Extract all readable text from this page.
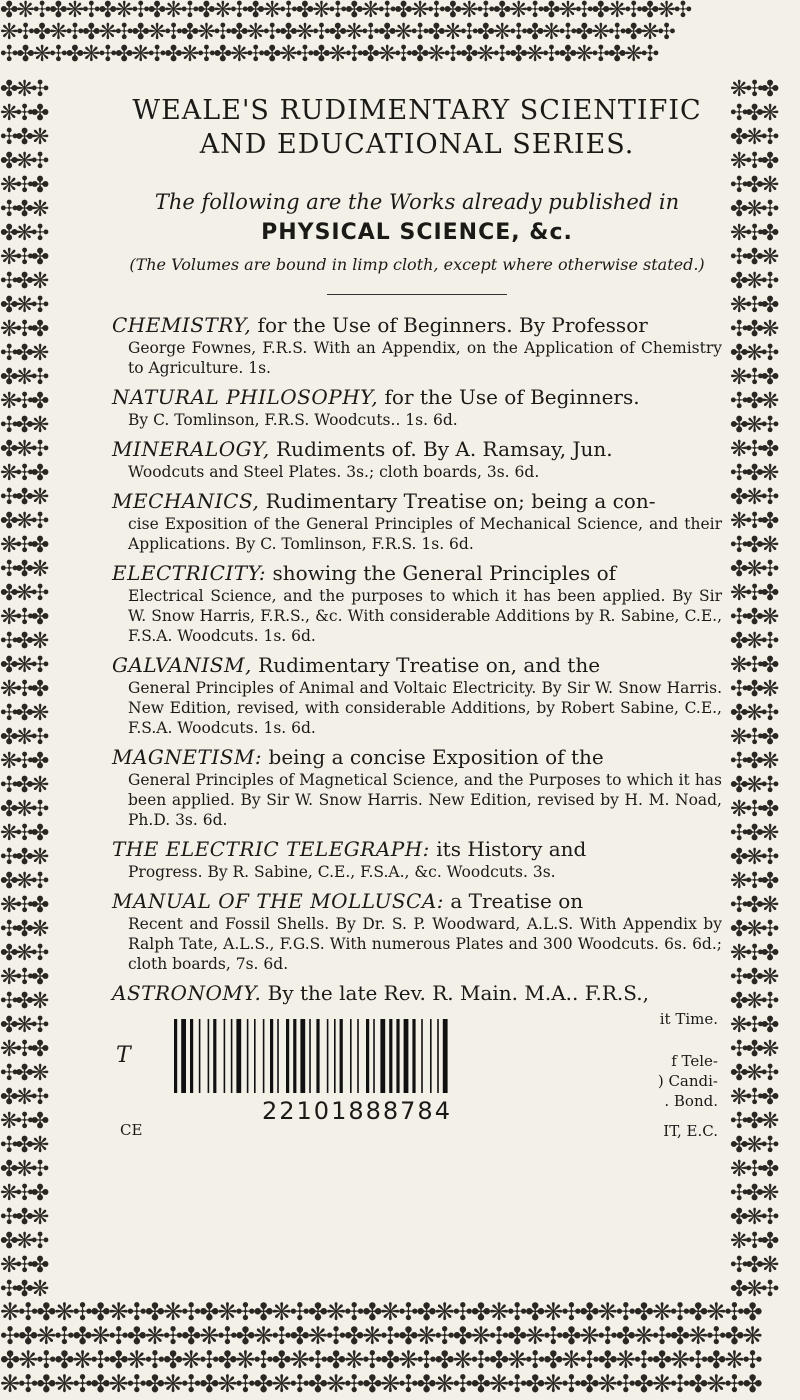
✤❋✣✤❋✣✤❋✣✤❋✣✤❋✣✤❋✣✤❋✣✤❋✣✤❋✣✤❋✣✤❋✣✤❋✣✤❋✣✤❋✣
❋✣✤❋✣✤❋✣✤❋✣✤❋✣✤❋✣✤❋✣✤❋✣✤❋✣✤❋✣✤❋✣✤❋✣✤❋✣✤❋✣
✣✤❋✣✤❋✣✤❋✣✤❋✣✤❋✣✤❋✣✤❋✣✤❋✣✤❋✣✤❋✣✤❋✣✤❋✣✤❋✣
✤❋✣
❋✣✤
✣✤❋
✤❋✣
❋✣✤
✣✤❋
✤❋✣
❋✣✤
✣✤❋
✤❋✣
❋✣✤
✣✤❋
✤❋✣
❋✣✤
✣✤❋
✤❋✣
❋✣✤
✣✤❋
✤❋✣
❋✣✤
✣✤❋
✤❋✣
❋✣✤
✣✤❋
✤❋✣
❋✣✤
✣✤❋
✤❋✣
❋✣✤
✣✤❋
✤❋✣
❋✣✤
✣✤❋
✤❋✣
❋✣✤
✣✤❋
✤❋✣
❋✣✤
✣✤❋
✤❋✣
❋✣✤
✣✤❋
✤❋✣
❋✣✤
✣✤❋
✤❋✣
❋✣✤
✣✤❋
✤❋✣
❋✣✤
✣✤❋
❋✣✤
✣✤❋
✤❋✣
❋✣✤
✣✤❋
✤❋✣
❋✣✤
✣✤❋
✤❋✣
❋✣✤
✣✤❋
✤❋✣
❋✣✤
✣✤❋
✤❋✣
❋✣✤
✣✤❋
✤❋✣
❋✣✤
✣✤❋
✤❋✣
❋✣✤
✣✤❋
✤❋✣
❋✣✤
✣✤❋
✤❋✣
❋✣✤
✣✤❋
✤❋✣
❋✣✤
✣✤❋
✤❋✣
❋✣✤
✣✤❋
✤❋✣
❋✣✤
✣✤❋
✤❋✣
❋✣✤
✣✤❋
✤❋✣
❋✣✤
✣✤❋
✤❋✣
❋✣✤
✣✤❋
✤❋✣
❋✣✤
✣✤❋
✤❋✣
❋✣✤❋✣✤❋✣✤❋✣✤❋✣✤❋✣✤❋✣✤❋✣✤❋✣✤❋✣✤❋✣✤❋✣✤❋✣✤❋✣✤
✣✤❋✣✤❋✣✤❋✣✤❋✣✤❋✣✤❋✣✤❋✣✤❋✣✤❋✣✤❋✣✤❋✣✤❋✣✤❋✣✤❋
✤❋✣✤❋✣✤❋✣✤❋✣✤❋✣✤❋✣✤❋✣✤❋✣✤❋✣✤❋✣✤❋✣✤❋✣✤❋✣✤❋✣
❋✣✤❋✣✤❋✣✤❋✣✤❋✣✤❋✣✤❋✣✤❋✣✤❋✣✤❋✣✤❋✣✤❋✣✤❋✣✤❋✣✤
WEALE'S RUDIMENTARY SCIENTIFIC
AND EDUCATIONAL SERIES.
The following are the Works already published in
PHYSICAL SCIENCE, &c.
(The Volumes are bound in limp cloth, except where otherwise stated.)
CHEMISTRY, for the Use of Beginners. By Professor
George Fownes, F.R.S. With an Appendix, on the Application of Chemistry to Agriculture. 1s.
NATURAL PHILOSOPHY, for the Use of Beginners.
By C. Tomlinson, F.R.S. Woodcuts.. 1s. 6d.
MINERALOGY, Rudiments of. By A. Ramsay, Jun.
Woodcuts and Steel Plates. 3s.; cloth boards, 3s. 6d.
MECHANICS, Rudimentary Treatise on; being a con-
cise Exposition of the General Principles of Mechanical Science, and their Applications. By C. Tomlinson, F.R.S. 1s. 6d.
ELECTRICITY: showing the General Principles of
Electrical Science, and the purposes to which it has been applied. By Sir W. Snow Harris, F.R.S., &c. With considerable Additions by R. Sabine, C.E., F.S.A. Woodcuts. 1s. 6d.
GALVANISM, Rudimentary Treatise on, and the
General Principles of Animal and Voltaic Electricity. By Sir W. Snow Harris. New Edition, revised, with considerable Additions, by Robert Sabine, C.E., F.S.A. Woodcuts. 1s. 6d.
MAGNETISM: being a concise Exposition of the
General Principles of Magnetical Science, and the Purposes to which it has been applied. By Sir W. Snow Harris. New Edition, revised by H. M. Noad, Ph.D. 3s. 6d.
THE ELECTRIC TELEGRAPH: its History and
Progress. By R. Sabine, C.E., F.S.A., &c. Woodcuts. 3s.
MANUAL OF THE MOLLUSCA: a Treatise on
Recent and Fossil Shells. By Dr. S. P. Woodward, A.L.S. With Appendix by Ralph Tate, A.L.S., F.G.S. With numerous Plates and 300 Woodcuts. 6s. 6d.; cloth boards, 7s. 6d.
ASTRONOMY. By the late Rev. R. Main. M.A.. F.R.S.,
T
CE
it Time.
f Tele-
) Candi-
. Bond.
IT, E.C.
22101888784
